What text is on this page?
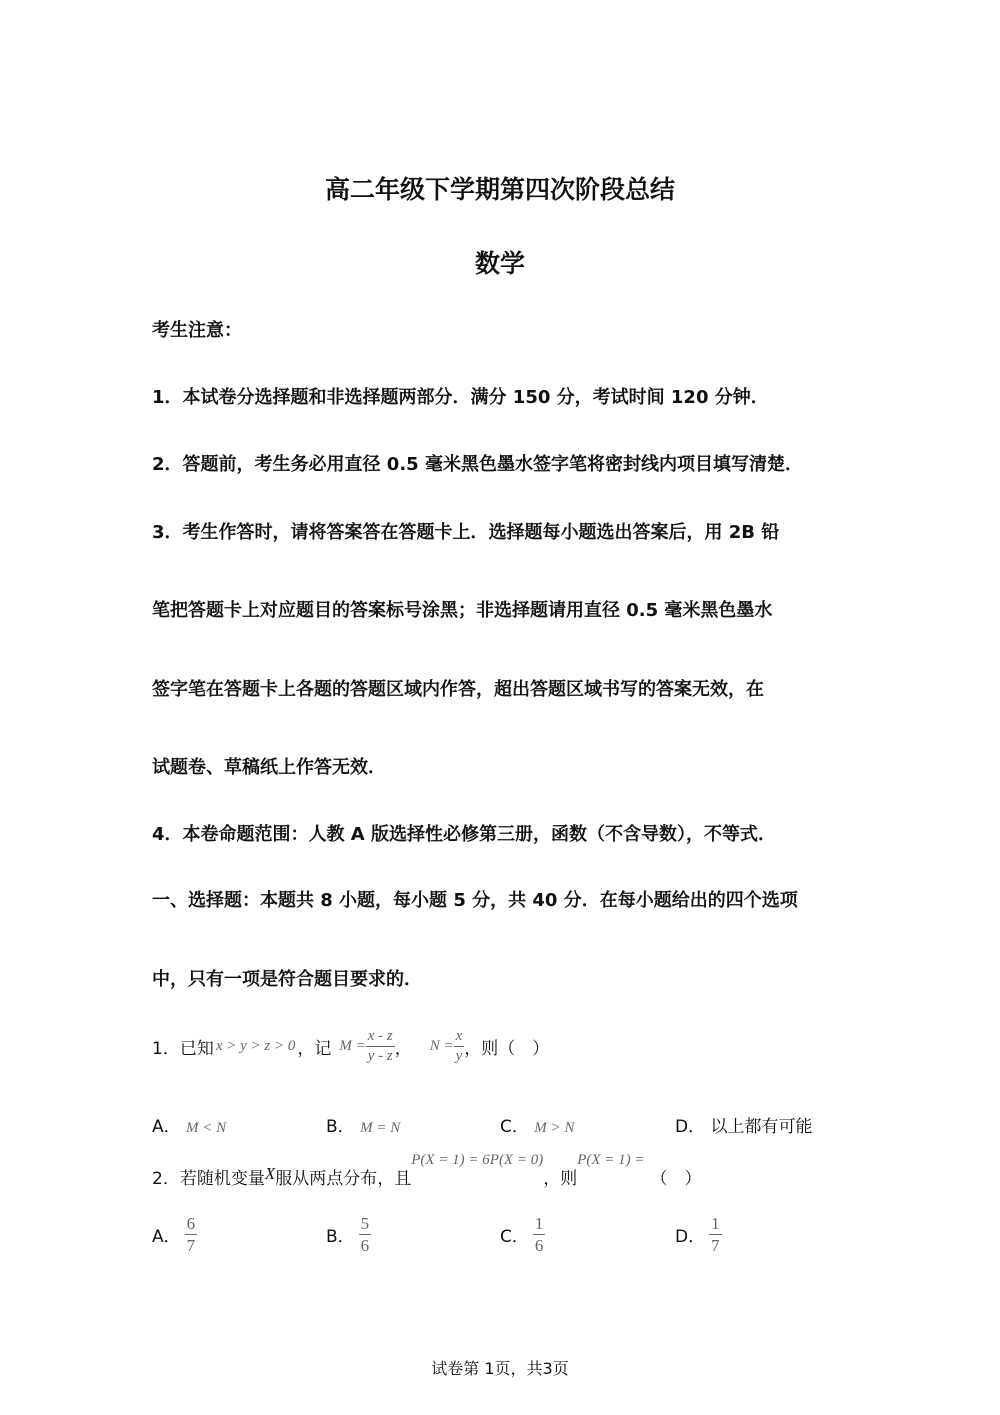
高二年级下学期第四次阶段总结
数学
考生注意：
1．本试卷分选择题和非选择题两部分．满分 150 分，考试时间 120 分钟．
2．答题前，考生务必用直径 0.5 毫米黑色墨水签字笔将密封线内项目填写清楚．
3．考生作答时，请将答案答在答题卡上．选择题每小题选出答案后，用 2B 铅
笔把答题卡上对应题目的答案标号涂黑；非选择题请用直径 0.5 毫米黑色墨水
签字笔在答题卡上各题的答题区域内作答，超出答题区域书写的答案无效，在
试题卷、草稿纸上作答无效．
4．本卷命题范围：人教 A 版选择性必修第三册，函数（不含导数），不等式．
一、选择题：本题共 8 小题，每小题 5 分，共 40 分．在每小题给出的四个选项
中，只有一项是符合题目要求的．
1．已知 x > y > z > 0 ，记 $M = \frac{x - z}{y - z}$ ， $N = \frac{x}{y}$ ，则（　）
A． M < N	B． M = N	C． M > N	D． 以上都有可能
2．若随机变量 X 服从两点分布，且
P(X = 1) = 6P(X = 0)
，则
P(X = 1) =
（　）
A． $\frac{6}{7}$	B． $\frac{5}{6}$	C． $\frac{1}{6}$	D． $\frac{1}{7}$
试卷第 1页，共3页
